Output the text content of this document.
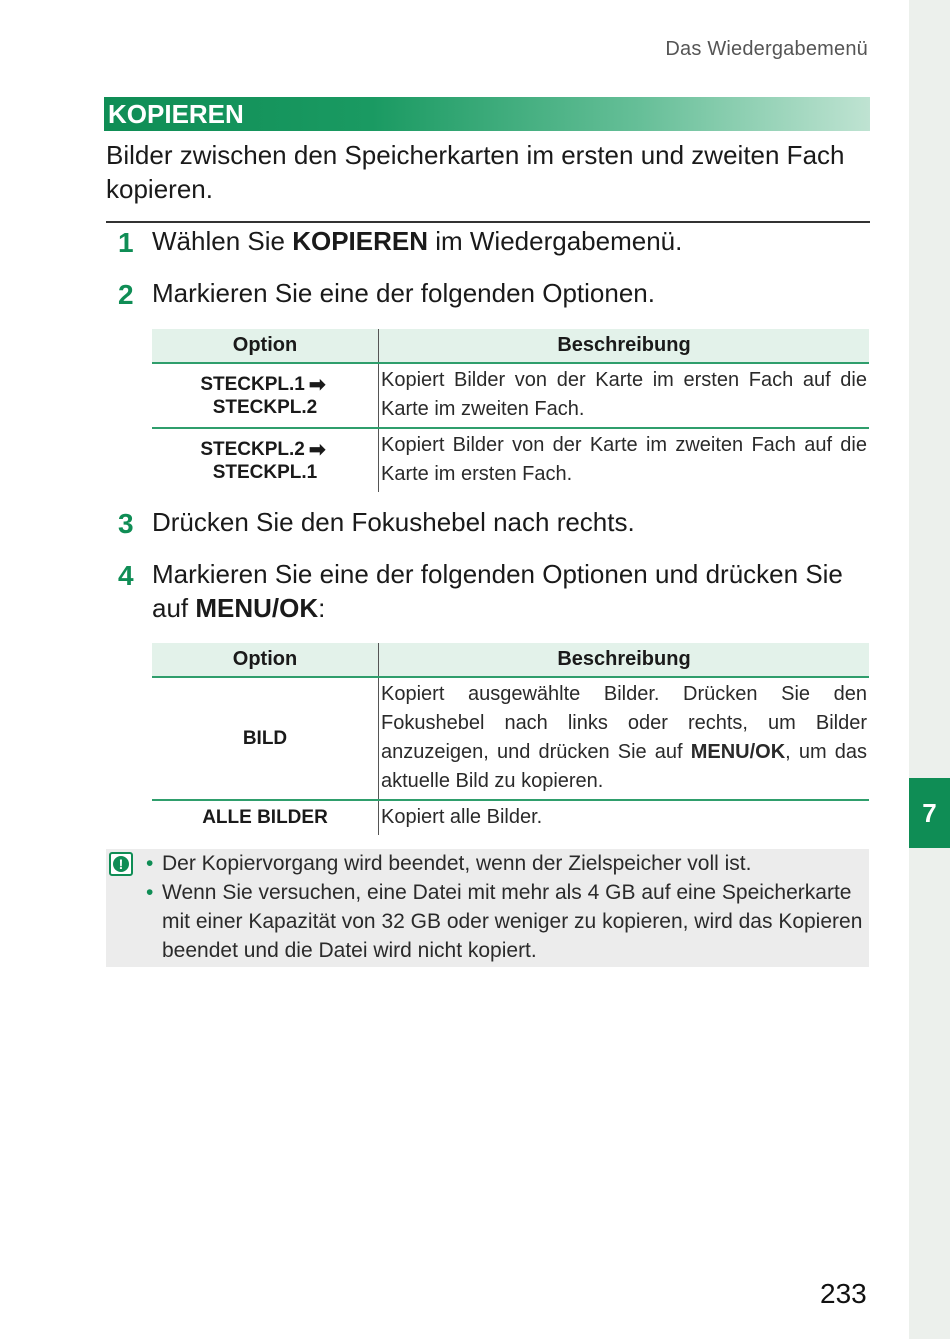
7
Das Wiedergabemenü
KOPIEREN
Bilder zwischen den Speicherkarten im ersten und zweiten Fach kopieren.
1 Wählen Sie KOPIEREN im Wiedergabemenü.
2 Markieren Sie eine der folgenden Optionen.
Option	Beschreibung
STECKPL.1 ➡STECKPL.2	Kopiert Bilder von der Karte im ersten Fach auf die Karte im zweiten Fach.
STECKPL.2 ➡STECKPL.1	Kopiert Bilder von der Karte im zweiten Fach auf die Karte im ersten Fach.
3 Drücken Sie den Fokushebel nach rechts.
4 Markieren Sie eine der folgenden Optionen und drücken Sie auf MENU/OK:
Option	Beschreibung
BILD	Kopiert ausgewählte Bilder. Drücken Sie den Fokushebel nach links oder rechts, um Bilder anzuzeigen, und drücken Sie auf MENU/OK, um das aktuelle Bild zu kopieren.
ALLE BILDER	Kopiert alle Bilder.
! • Der Kopiervorgang wird beendet, wenn der Zielspeicher voll ist.
• Wenn Sie versuchen, eine Datei mit mehr als 4 GB auf eine Speicherkarte mit einer Kapazität von 32 GB oder weniger zu kopieren, wird das Kopieren beendet und die Datei wird nicht kopiert.
233
